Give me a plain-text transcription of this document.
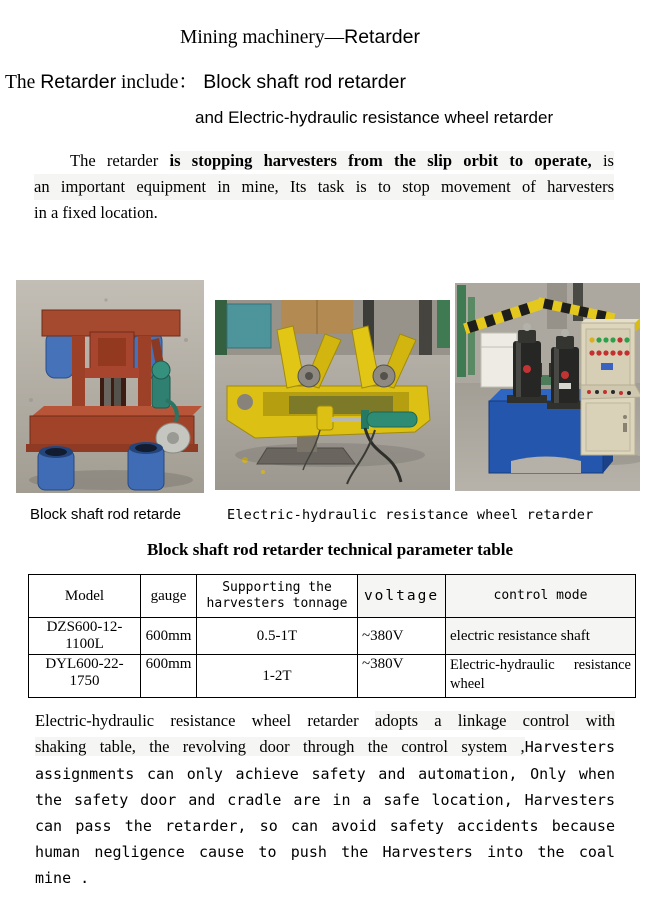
Mining machinery—Retarder
The Retarder include： Block shaft rod retarder
and Electric-hydraulic resistance wheel retarder
The retarder is stopping harvesters from the slip orbit to operate, is
an important equipment in mine, Its task is to stop movement of harvesters
in a fixed location.
Block shaft rod retarde	Electric-hydraulic resistance wheel retarder
Block shaft rod retarder technical parameter table
Model	gauge	Supporting the harvesters tonnage	voltage	control mode
DZS600-12-1100L	600mm	0.5-1T	~380V	electric resistance shaft
DYL600-22-1750	600mm	1-2T	~380V	Electric-hydraulic resistance wheel
Electric-hydraulic resistance wheel retarder adopts a linkage control with
shaking table, the revolving door through the control system ,Harvesters
assignments can only achieve safety and automation, Only when
the safety door and cradle are in a safe location, Harvesters
can pass the retarder, so can avoid safety accidents because
human negligence cause to push the Harvesters into the coal
mine .
